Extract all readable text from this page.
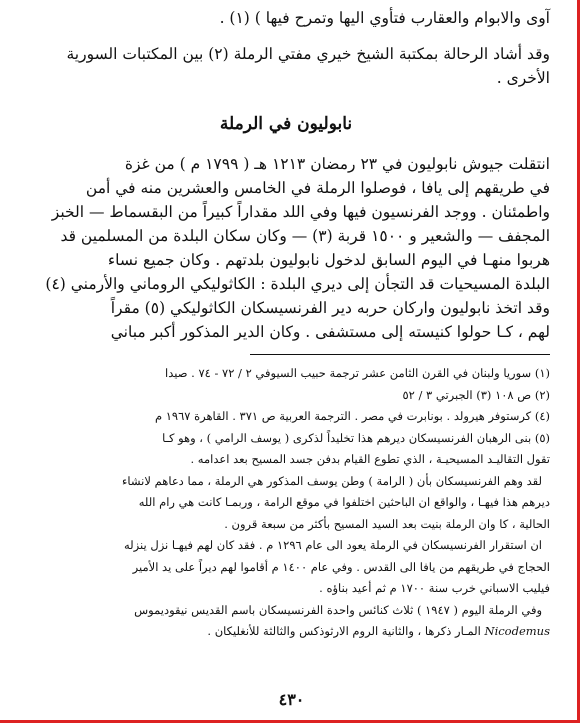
آوى والابوام والعقارب فتأوي اليها وتمرح فيها ) (١) .

وقد أشاد الرحالة بمكتبة الشيخ خيري مفتي الرملة (٢) بين المكتبات السورية

الأخرى .

نابوليون في الرملة

انتقلت جيوش نابوليون في ٢٣ رمضان ١٢١٣ هـ ( ١٧٩٩ م ) من غزة

في طريقهم إلى يافا ، فوصلوا الرملة في الخامس والعشرين منه في أمن

واطمئنان . ووجد الفرنسيون فيها وفي اللد مقداراً كبيراً من البقسماط — الخبز

المجفف — والشعير و ١٥٠٠ قربة (٣) — وكان سكان البلدة من المسلمين قد

هربوا منهـا في اليوم السابق لدخول نابوليون بلدتهم . وكان جميع نساء

البلدة المسيحيات قد التجأن إلى ديري البلدة : الكاثوليكي الروماني والأرمني (٤)

وقد اتخذ نابوليون واركان حربه دير الفرنسيسكان الكاثوليكي (٥) مقراً

لهم ، كـا حولوا كنيسته إلى مستشفى . وكان الدير المذكور أكبر مباني

(١) سوريا ولبنان في القرن الثامن عشر ترجمة حبيب السيوفي ٢ / ٧٢ - ٧٤ . صيدا

(٢) ص ١٠٨ (٣) الجبرتي ٣ / ٥٢

(٤) كرستوفر هيرولد . بونابرت في مصر . الترجمة العربية ص ٣٧١ . القاهرة ١٩٦٧ م

(٥) بنى الرهبان الفرنسيسكان ديرهم هذا تخليداً لذكرى ( يوسف الرامي ) ، وهو كـا

تقول التقاليـد المسيحيـة ، الذي تطوع القيام بدفن جسد المسيح بعد اعدامه .

لقد وهم الفرنسيسكان بأن ( الرامة ) وطن يوسف المذكور هي الرملة ، مما دعاهم لانشاء

ديرهم هذا فيهـا ، والواقع ان الباحثين اختلفوا في موقع الرامة ، وربمـا كانت هي رام الله

الحالية ، كا وان الرملة بنيت بعد السيد المسيح بأكثر من سبعة قرون .

ان استقرار الفرنسيسكان في الرملة يعود الى عام ١٢٩٦ م . فقد كان لهم فيهـا نزل ينزله

الحجاج في طريقهم من يافا الى القدس . وفي عام ١٤٠٠ م أقاموا لهم ديراً على يد الأمير

فيليب الاسباني خرب سنة ١٧٠٠ م ثم أعيد بناؤه .

وفي الرملة اليوم ( ١٩٤٧ ) ثلاث كنائس واحدة الفرنسيسكان باسم القديس نيقوديموس

Nicodemus المـار ذكرها ، والثانية الروم الارثوذكس والثالثة للأنغليكان .

٤٣٠
